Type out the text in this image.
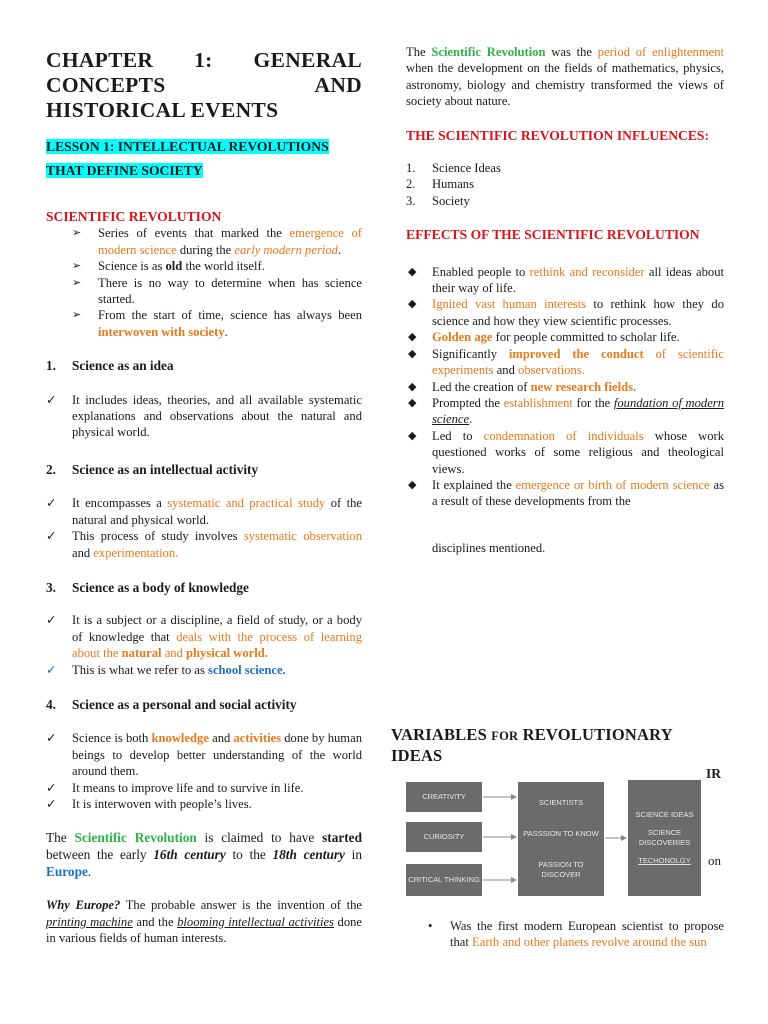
CHAPTER 1: GENERAL
CONCEPTS AND
HISTORICAL EVENTS
LESSON 1: INTELLECTUAL REVOLUTIONS
THAT DEFINE SOCIETY
SCIENTIFIC REVOLUTION
➢ Series of events that marked the emergence of modern science during the early modern period.
➢ Science is as old the world itself.
➢ There is no way to determine when has science started.
➢ From the start of time, science has always been interwoven with society.
1. Science as an idea
✓ It includes ideas, theories, and all available systematic explanations and observations about the natural and physical world.
2. Science as an intellectual activity
✓ It encompasses a systematic and practical study of the natural and physical world.
✓ This process of study involves systematic observation and experimentation.
3. Science as a body of knowledge
✓ It is a subject or a discipline, a field of study, or a body of knowledge that deals with the process of learning about the natural and physical world.
✓ This is what we refer to as school science.
4. Science as a personal and social activity
✓ Science is both knowledge and activities done by human beings to develop better understanding of the world around them.
✓ It means to improve life and to survive in life.
✓ It is interwoven with people’s lives.

The Scientific Revolution is claimed to have started between the early 16th century to the 18th century in Europe.

Why Europe? The probable answer is the invention of the printing machine and the blooming intellectual activities done in various fields of human interests.

The Scientific Revolution was the period of enlightenment when the development on the fields of mathematics, physics, astronomy, biology and chemistry transformed the views of society about nature.

THE SCIENTIFIC REVOLUTION INFLUENCES:
1. Science Ideas
2. Humans
3. Society
EFFECTS OF THE SCIENTIFIC REVOLUTION
◆ Enabled people to rethink and reconsider all ideas about their way of life.
◆ Ignited vast human interests to rethink how they do science and how they view scientific processes.
◆ Golden age for people committed to scholar life.
◆ Significantly improved the conduct of scientific experiments and observations.
◆ Led the creation of new research fields.
◆ Prompted the establishment for the foundation of modern science.
◆ Led to condemnation of individuals whose work questioned works of some religious and theological views.
◆ It explained the emergence or birth of modern science as a result of these developments from the

disciplines mentioned.

VARIABLES FOR REVOLUTIONARY
IDEAS
IR
on
CREATIVITY
CURIOSITY
CRITICAL THINKING
SCIENTISTS
PASSSION TO KNOW
PASSION TO DISCOVER
SCIENCE IDEAS
SCIENCE DISCOVERIES
TECHONOLGY
•	Was the first modern European scientist to propose that Earth and other planets revolve around the sun
